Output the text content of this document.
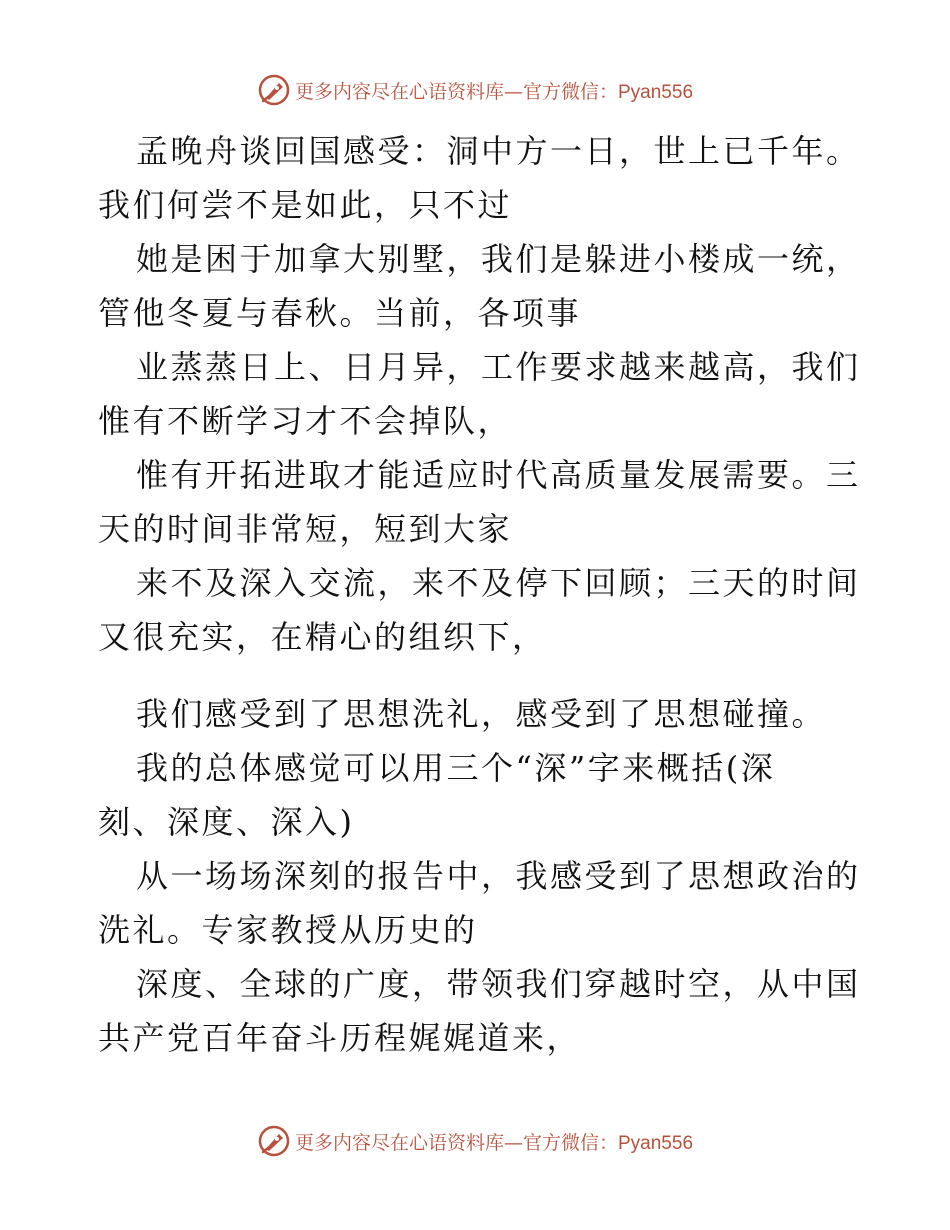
更多内容尽在心语资料库—官方微信：Pyan556
孟晚舟谈回国感受：洞中方一日，世上已千年。
我们何尝不是如此，只不过
她是困于加拿大别墅，我们是躲进小楼成一统，
管他冬夏与春秋。当前，各项事
业蒸蒸日上、日月异，工作要求越来越高，我们
惟有不断学习才不会掉队，
惟有开拓进取才能适应时代高质量发展需要。三
天的时间非常短，短到大家
来不及深入交流，来不及停下回顾；三天的时间
又很充实，在精心的组织下，
我们感受到了思想洗礼，感受到了思想碰撞。
我的总体感觉可以用三个“深”字来概括(深
刻、深度、深入)
从一场场深刻的报告中，我感受到了思想政治的
洗礼。专家教授从历史的
深度、全球的广度，带领我们穿越时空，从中国
共产党百年奋斗历程娓娓道来，
更多内容尽在心语资料库—官方微信：Pyan556
